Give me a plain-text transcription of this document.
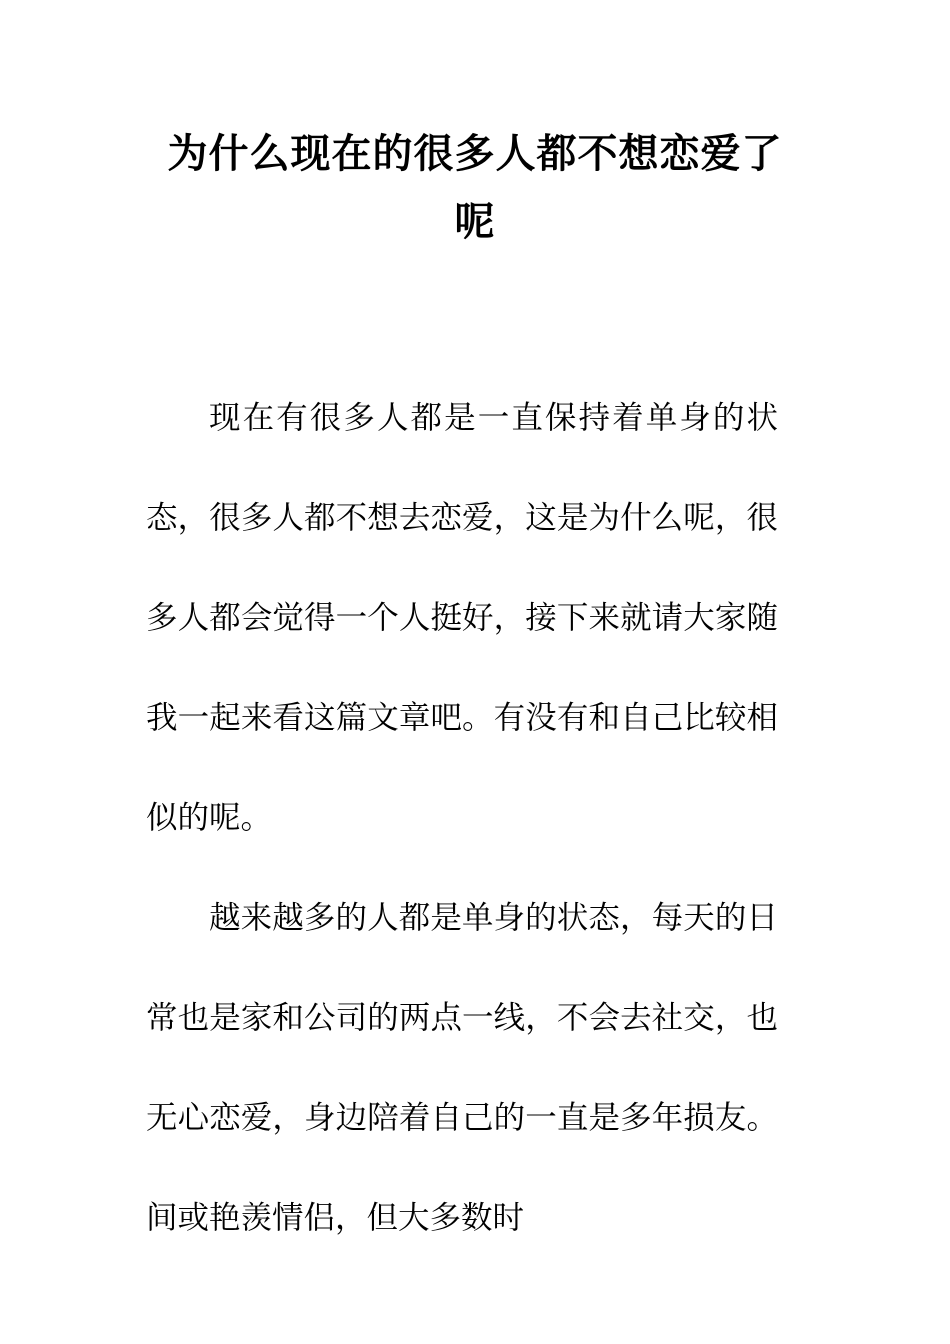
为什么现在的很多人都不想恋爱了呢

现在有很多人都是一直保持着单身的状态，很多人都不想去恋爱，这是为什么呢，很多人都会觉得一个人挺好，接下来就请大家随我一起来看这篇文章吧。有没有和自己比较相似的呢。

越来越多的人都是单身的状态，每天的日常也是家和公司的两点一线，不会去社交，也无心恋爱，身边陪着自己的一直是多年损友。间或艳羡情侣，但大多数时
